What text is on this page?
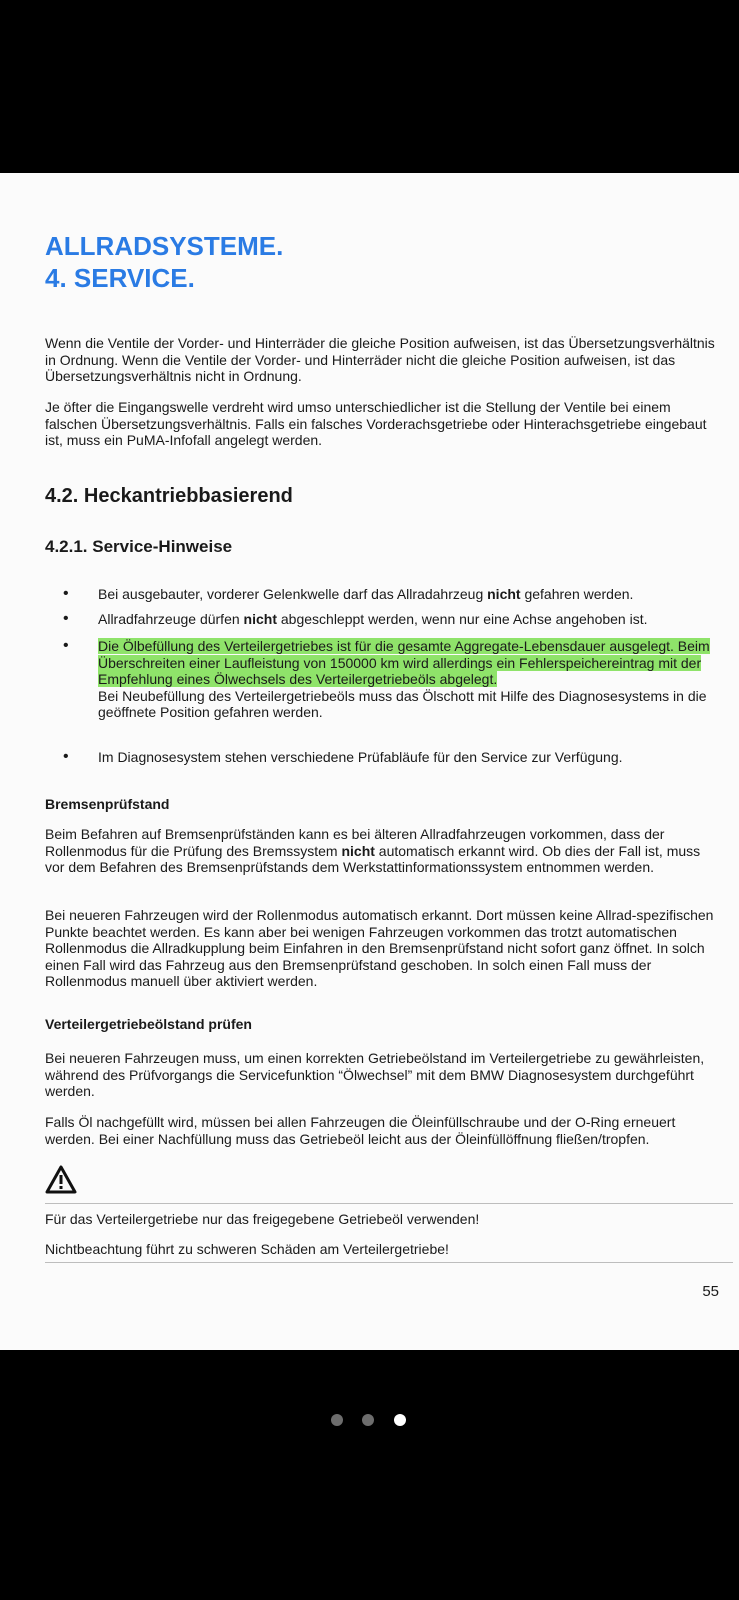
ALLRADSYSTEME.
4. SERVICE.

Wenn die Ventile der Vorder- und Hinterräder die gleiche Position aufweisen, ist das Übersetzungsverhältnis in Ordnung. Wenn die Ventile der Vorder- und Hinterräder nicht die gleiche Position aufweisen, ist das Übersetzungsverhältnis nicht in Ordnung.

Je öfter die Eingangswelle verdreht wird umso unterschiedlicher ist die Stellung der Ventile bei einem falschen Übersetzungsverhältnis. Falls ein falsches Vorderachsgetriebe oder Hinterachsgetriebe eingebaut ist, muss ein PuMA-Infofall angelegt werden.

4.2. Heckantriebbasierend
4.2.1. Service-Hinweise
• Bei ausgebauter, vorderer Gelenkwelle darf das Allradahrzeug nicht gefahren werden.

• Allradfahrzeuge dürfen nicht abgeschleppt werden, wenn nur eine Achse angehoben ist.

• Die Ölbefüllung des Verteilergetriebes ist für die gesamte Aggregate-Lebensdauer ausgelegt. Beim Überschreiten einer Laufleistung von 150000 km wird allerdings ein Fehlerspeichereintrag mit der Empfehlung eines Ölwechsels des Verteilergetriebeöls abgelegt.
Bei Neubefüllung des Verteilergetriebeöls muss das Ölschott mit Hilfe des Diagnosesystems in die geöffnete Position gefahren werden.
• Im Diagnosesystem stehen verschiedene Prüfabläufe für den Service zur Verfügung.

Bremsenprüfstand

Beim Befahren auf Bremsenprüfständen kann es bei älteren Allradfahrzeugen vorkommen, dass der Rollenmodus für die Prüfung des Bremssystem nicht automatisch erkannt wird. Ob dies der Fall ist, muss vor dem Befahren des Bremsenprüfstands dem Werkstattinformationssystem entnommen werden.

Bei neueren Fahrzeugen wird der Rollenmodus automatisch erkannt. Dort müssen keine Allrad-spezifischen Punkte beachtet werden. Es kann aber bei wenigen Fahrzeugen vorkommen das trotzt automatischen Rollenmodus die Allradkupplung beim Einfahren in den Bremsenprüfstand nicht sofort ganz öffnet. In solch einen Fall wird das Fahrzeug aus den Bremsenprüfstand geschoben. In solch einen Fall muss der Rollenmodus manuell über aktiviert werden.

Verteilergetriebeölstand prüfen

Bei neueren Fahrzeugen muss, um einen korrekten Getriebeölstand im Verteilergetriebe zu gewährleisten, während des Prüfvorgangs die Servicefunktion “Ölwechsel” mit dem BMW Diagnosesystem durchgeführt werden.

Falls Öl nachgefüllt wird, müssen bei allen Fahrzeugen die Öleinfüllschraube und der O-Ring erneuert werden. Bei einer Nachfüllung muss das Getriebeöl leicht aus der Öleinfüllöffnung fließen/tropfen.

Für das Verteilergetriebe nur das freigegebene Getriebeöl verwenden!

Nichtbeachtung führt zu schweren Schäden am Verteilergetriebe!

55
